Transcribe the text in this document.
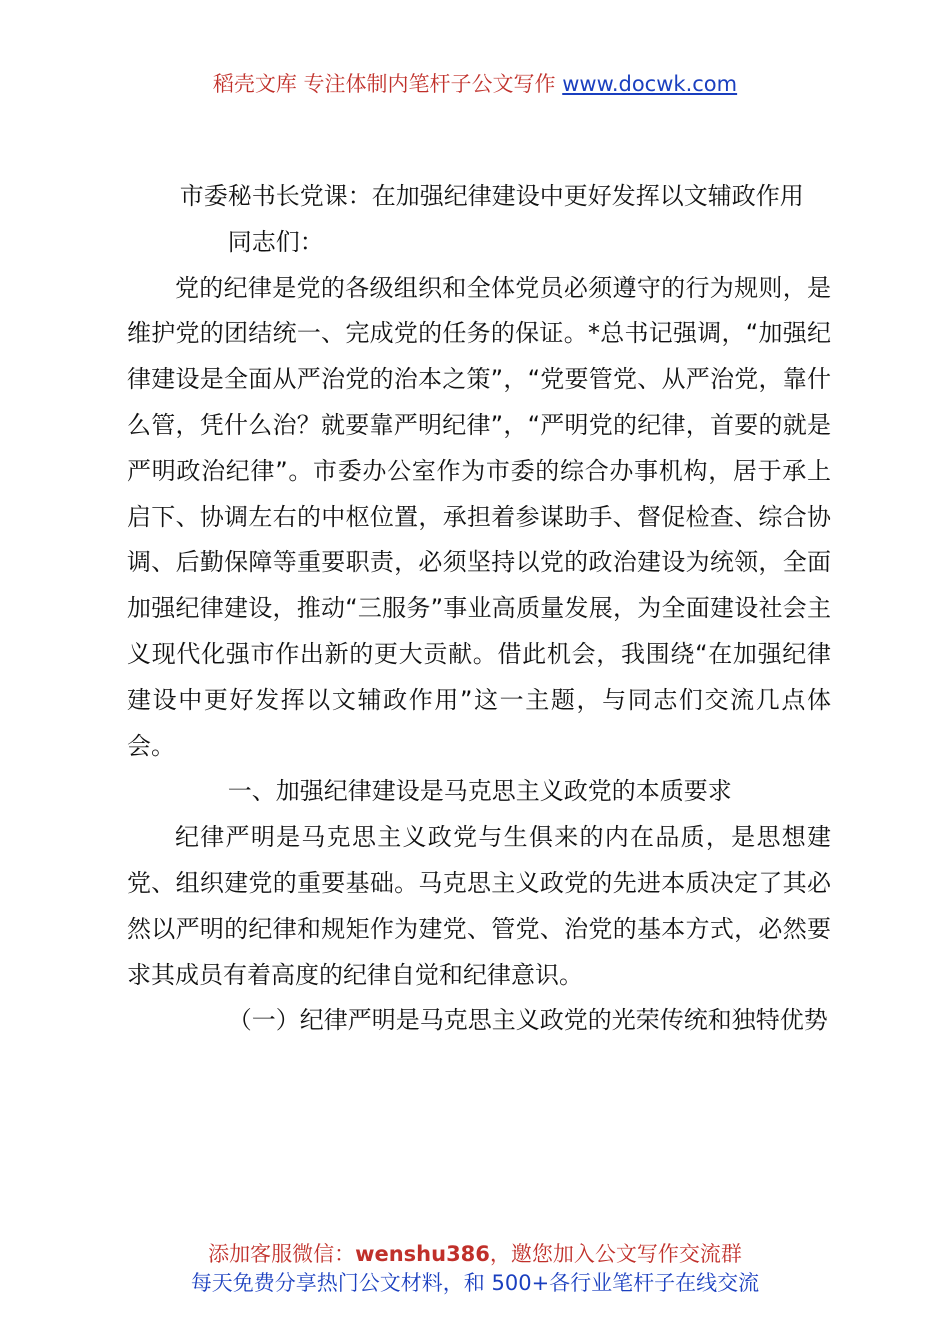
稻壳文库 专注体制内笔杆子公文写作 www.docwk.com

市委秘书长党课：在加强纪律建设中更好发挥以文辅政作用

同志们：

党的纪律是党的各级组织和全体党员必须遵守的行为规则，是维护党的团结统一、完成党的任务的保证。*总书记强调，“加强纪律建设是全面从严治党的治本之策”，“党要管党、从严治党，靠什么管，凭什么治？就要靠严明纪律”，“严明党的纪律，首要的就是严明政治纪律”。市委办公室作为市委的综合办事机构，居于承上启下、协调左右的中枢位置，承担着参谋助手、督促检查、综合协调、后勤保障等重要职责，必须坚持以党的政治建设为统领，全面加强纪律建设，推动“三服务”事业高质量发展，为全面建设社会主义现代化强市作出新的更大贡献。借此机会，我围绕“在加强纪律建设中更好发挥以文辅政作用”这一主题，与同志们交流几点体会。

一、加强纪律建设是马克思主义政党的本质要求

纪律严明是马克思主义政党与生俱来的内在品质，是思想建党、组织建党的重要基础。马克思主义政党的先进本质决定了其必然以严明的纪律和规矩作为建党、管党、治党的基本方式，必然要求其成员有着高度的纪律自觉和纪律意识。

（一）纪律严明是马克思主义政党的光荣传统和独特优势

添加客服微信：wenshu386，邀您加入公文写作交流群
每天免费分享热门公文材料，和 500+各行业笔杆子在线交流
